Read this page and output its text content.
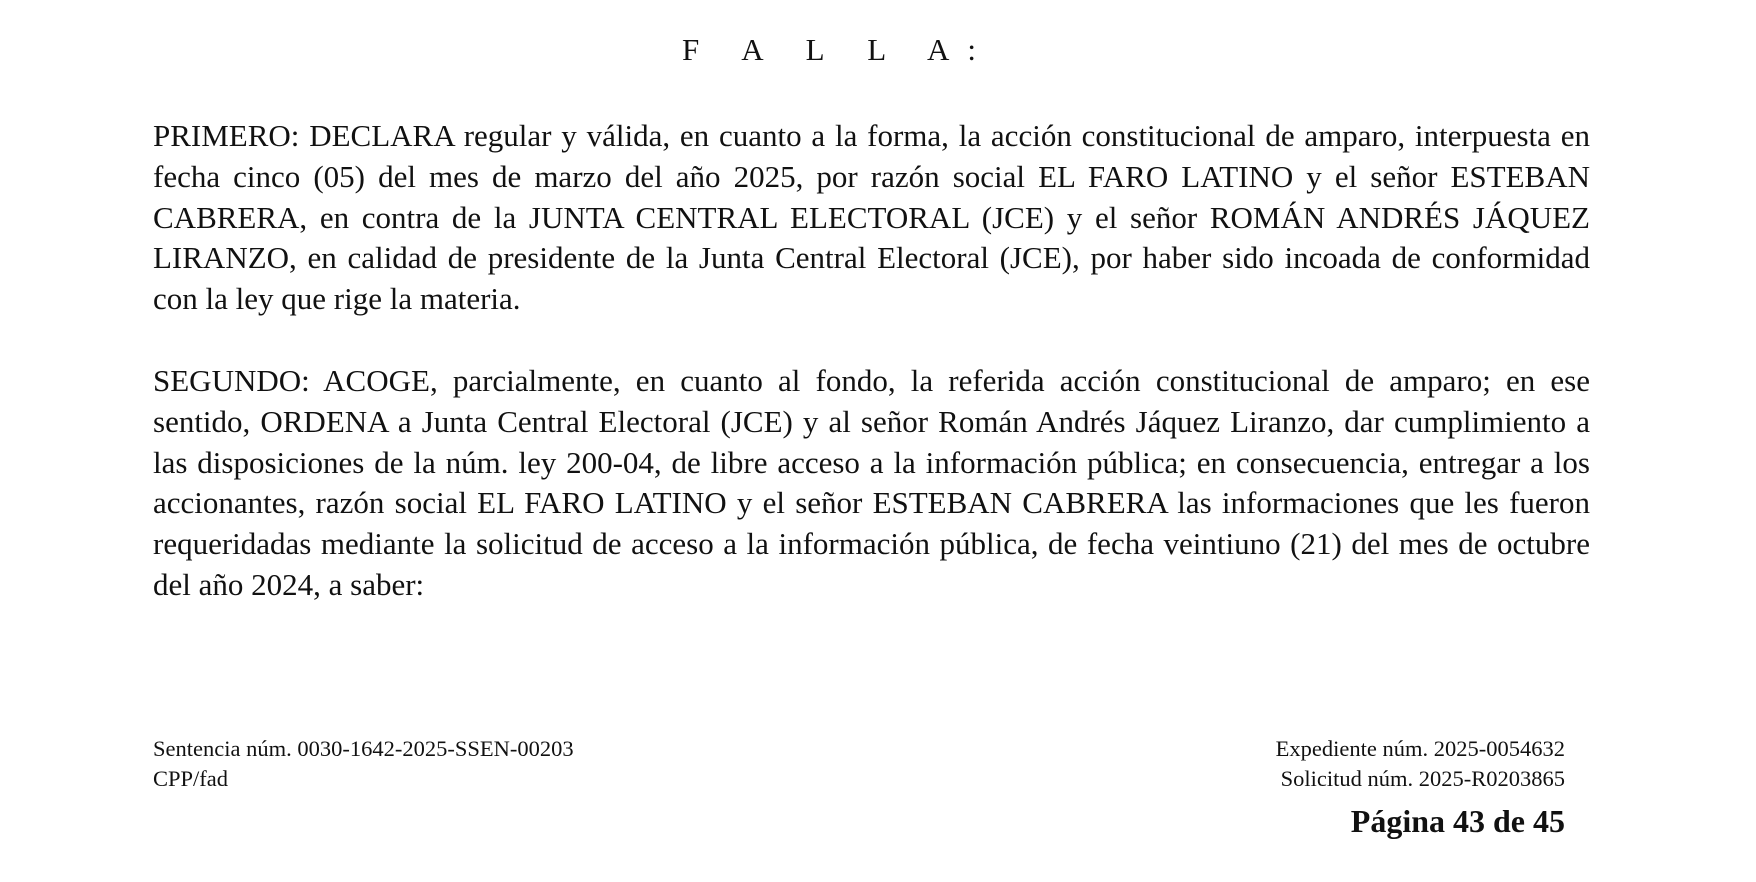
F A L L A:

PRIMERO: DECLARA regular y válida, en cuanto a la forma, la acción constitucional de amparo, interpuesta en fecha cinco (05) del mes de marzo del año 2025, por razón social EL FARO LATINO y el señor ESTEBAN CABRERA, en contra de la JUNTA CENTRAL ELECTORAL (JCE) y el señor ROMÁN ANDRÉS JÁQUEZ LIRANZO, en calidad de presidente de la Junta Central Electoral (JCE), por haber sido incoada de conformidad con la ley que rige la materia.

SEGUNDO: ACOGE, parcialmente, en cuanto al fondo, la referida acción constitucional de amparo; en ese sentido, ORDENA a Junta Central Electoral (JCE) y al señor Román Andrés Jáquez Liranzo, dar cumplimiento a las disposiciones de la núm. ley 200-04, de libre acceso a la información pública; en consecuencia, entregar a los accionantes, razón social EL FARO LATINO y el señor ESTEBAN CABRERA las informaciones que les fueron requeridadas mediante la solicitud de acceso a la información pública, de fecha veintiuno (21) del mes de octubre del año 2024, a saber:

Sentencia núm. 0030-1642-2025-SSEN-00203
CPP/fad
Expediente núm. 2025-0054632
Solicitud núm. 2025-R0203865
Página 43 de 45
